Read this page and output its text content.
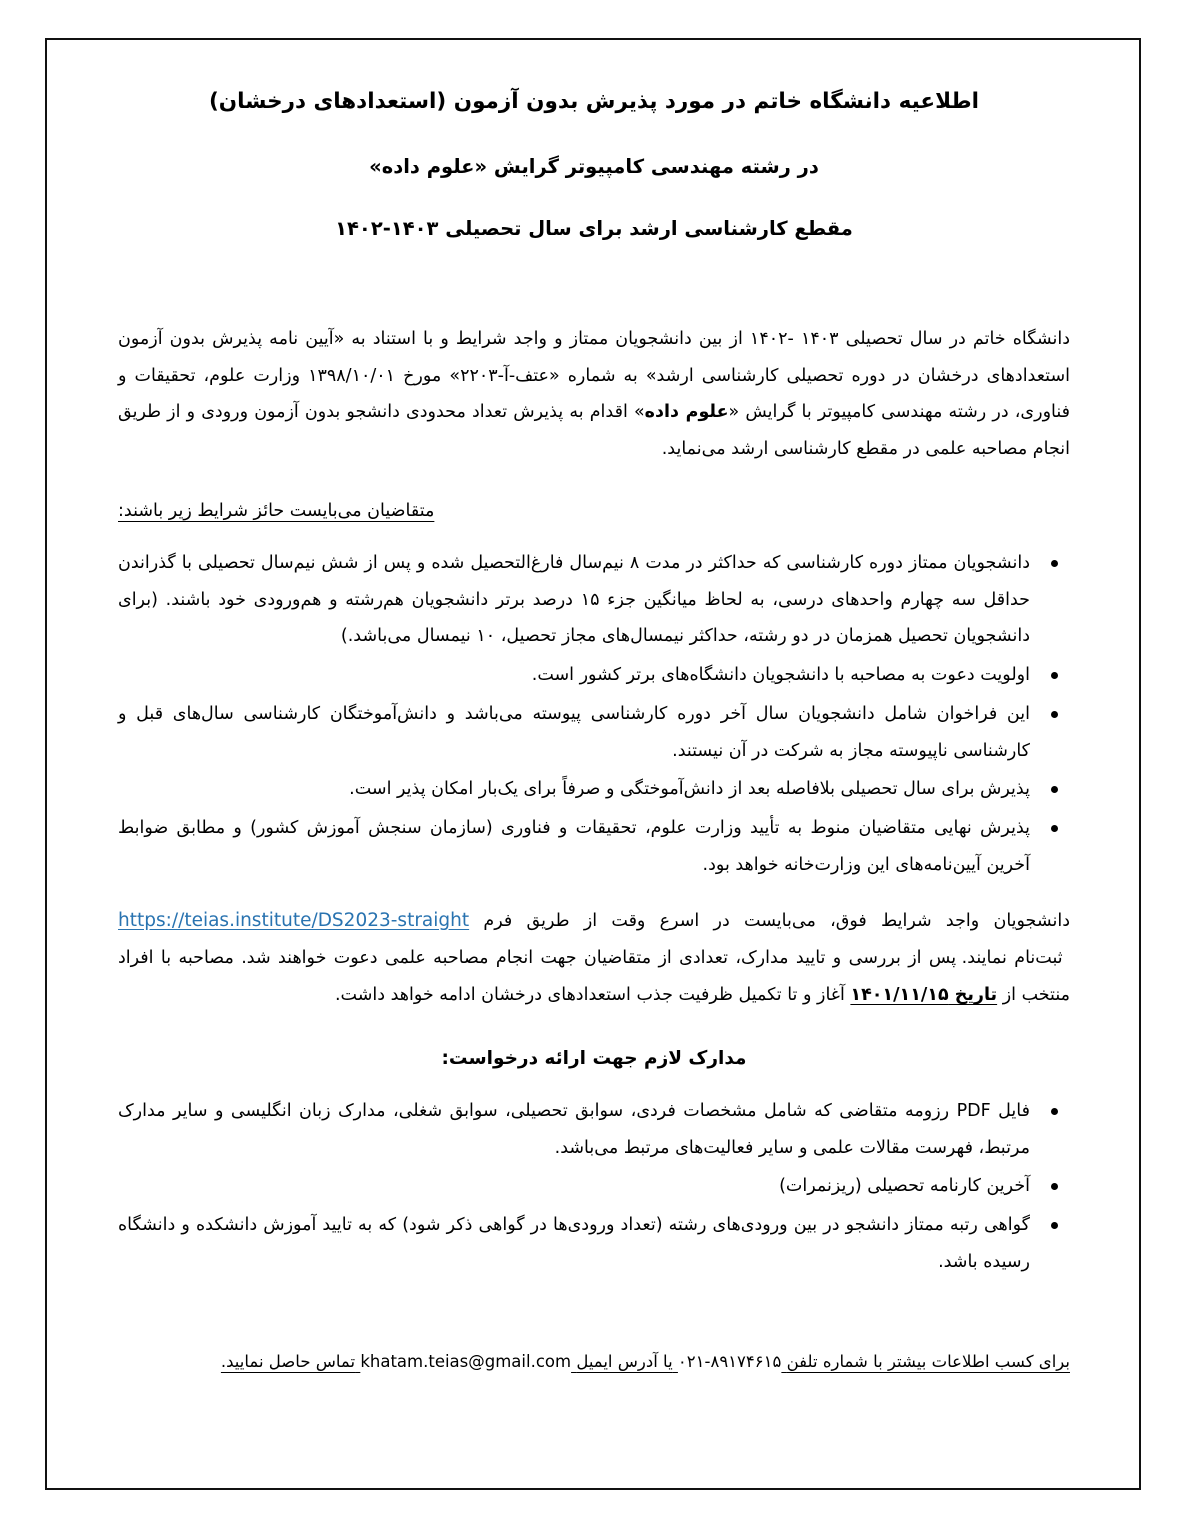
اطلاعیه دانشگاه خاتم در مورد پذیرش بدون آزمون (استعدادهای درخشان)
در رشته مهندسی کامپیوتر گرایش «علوم داده»
مقطع کارشناسی ارشد برای سال تحصیلی ۱۴۰۳-۱۴۰۲

دانشگاه خاتم در سال تحصیلی ۱۴۰۳ -۱۴۰۲ از بین دانشجویان ممتاز و واجد شرایط و با استناد به «آیین نامه پذیرش بدون آزمون استعدادهای درخشان در دوره تحصیلی کارشناسی ارشد» به شماره «عتف-آ-۲۲۰۳» مورخ ۱۳۹۸/۱۰/۰۱ وزارت علوم، تحقیقات و فناوری، در رشته مهندسی کامپیوتر با گرایش «علوم داده» اقدام به پذیرش تعداد محدودی دانشجو بدون آزمون ورودی و از طریق انجام مصاحبه علمی در مقطع کارشناسی ارشد می‌نماید.

متقاضیان می‌بایست حائز شرایط زیر باشند:

دانشجویان ممتاز دوره کارشناسی که حداکثر در مدت ۸ نیم‌سال فارغ‌التحصیل شده و پس از شش نیم‌سال تحصیلی با گذراندن حداقل سه چهارم واحدهای درسی، به لحاظ میانگین جزء ۱۵ درصد برتر دانشجویان هم‌رشته و هم‌ورودی خود باشند. (برای دانشجویان تحصیل همزمان در دو رشته، حداکثر نیمسال‌های مجاز تحصیل، ۱۰ نیمسال می‌باشد.)
اولویت دعوت به مصاحبه با دانشجویان دانشگاه‌های برتر کشور است.
این فراخوان شامل دانشجویان سال آخر دوره کارشناسی پیوسته می‌باشد و دانش‌آموختگان کارشناسی سال‌های قبل و کارشناسی ناپیوسته مجاز به شرکت در آن نیستند.
پذیرش برای سال تحصیلی بلافاصله بعد از دانش‌آموختگی و صرفاً برای یک‌بار امکان پذیر است.
پذیرش نهایی متقاضیان منوط به تأیید وزارت علوم، تحقیقات و فناوری (سازمان سنجش آموزش کشور) و مطابق ضوابط آخرین آیین‌نامه‌های این وزارت‌خانه خواهد بود.

دانشجویان واجد شرایط فوق، می‌بایست در اسرع وقت از طریق فرم https://teias.institute/DS2023-straight ثبت‌نام نمایند. پس از بررسی و تایید مدارک، تعدادی از متقاضیان جهت انجام مصاحبه علمی دعوت خواهند شد. مصاحبه با افراد منتخب از تاریخ ۱۴۰۱/۱۱/۱۵ آغاز و تا تکمیل ظرفیت جذب استعدادهای درخشان ادامه خواهد داشت.

مدارک لازم جهت ارائه درخواست:

فایل PDF رزومه متقاضی که شامل مشخصات فردی، سوابق تحصیلی، سوابق شغلی، مدارک زبان انگلیسی و سایر مدارک مرتبط، فهرست مقالات علمی و سایر فعالیت‌های مرتبط می‌باشد.
آخرین کارنامه تحصیلی (ریزنمرات)
گواهی رتبه ممتاز دانشجو در بین ورودی‌های رشته (تعداد ورودی‌ها در گواهی ذکر شود) که به تایید آموزش دانشکده و دانشگاه رسیده باشد.

برای کسب اطلاعات بیشتر با شماره تلفن ۰۲۱-۸۹۱۷۴۶۱۵ یا آدرس ایمیل khatam.teias@gmail.com تماس حاصل نمایید.
